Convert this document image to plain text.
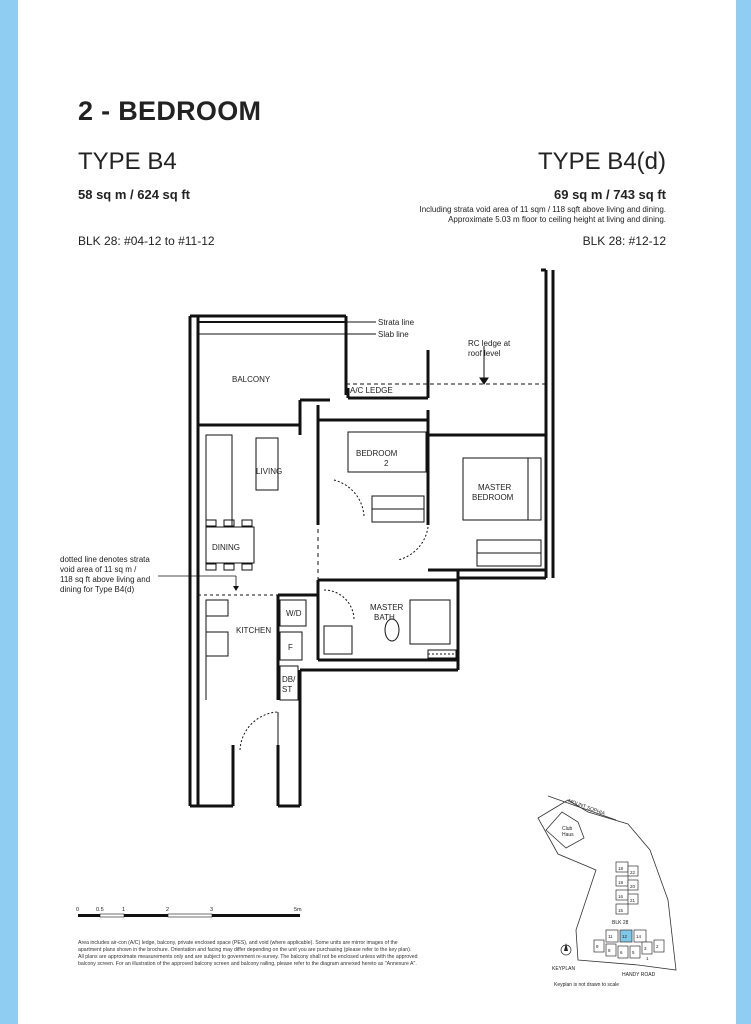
2 - BEDROOM
TYPE B4	TYPE B4(d)
58 sq m / 624 sq ft	69 sq m / 743 sq ft
Including strata void area of 11 sqm / 118 sqft above living and dining.
Approximate 5.03 m floor to ceiling height at living and dining.
BLK 28: #04-12 to #11-12	BLK 28: #12-12
Strata line
Slab line
RC ledge at
roof level
BALCONY
A/C LEDGE
LIVING
DINING
BEDROOM
2
MASTER
BEDROOM
MASTER
BATH
KITCHEN
W/D
F
DB/
ST
dotted line denotes strata
void area of 11 sq m /
118 sq ft above living and
dining for Type B4(d)
0	0.5	1	2	3	5m
Area includes air-con (A/C) ledge, balcony, private enclosed space (PES), and void (where applicable). Some units are mirror images of the apartment plans shown in the brochure. Orientation and facing may differ depending on the unit you are purchasing (please refer to the key plan). All plans are approximate measurements only and are subject to government re-survey. The balcony shall not be enclosed unless with the approved balcony screen. For an illustration of the approved balcony screen and balcony railing, please refer to the diagram annexed hereto as "Annexure A".
MOUNT SOPHIA
Club
Haus
BLK 28
HANDY ROAD
KEYPLAN
Keyplan is not drawn to scale
18
19
20
16
21
15
22
12 14
11
9
8 6 5
3 2
1
